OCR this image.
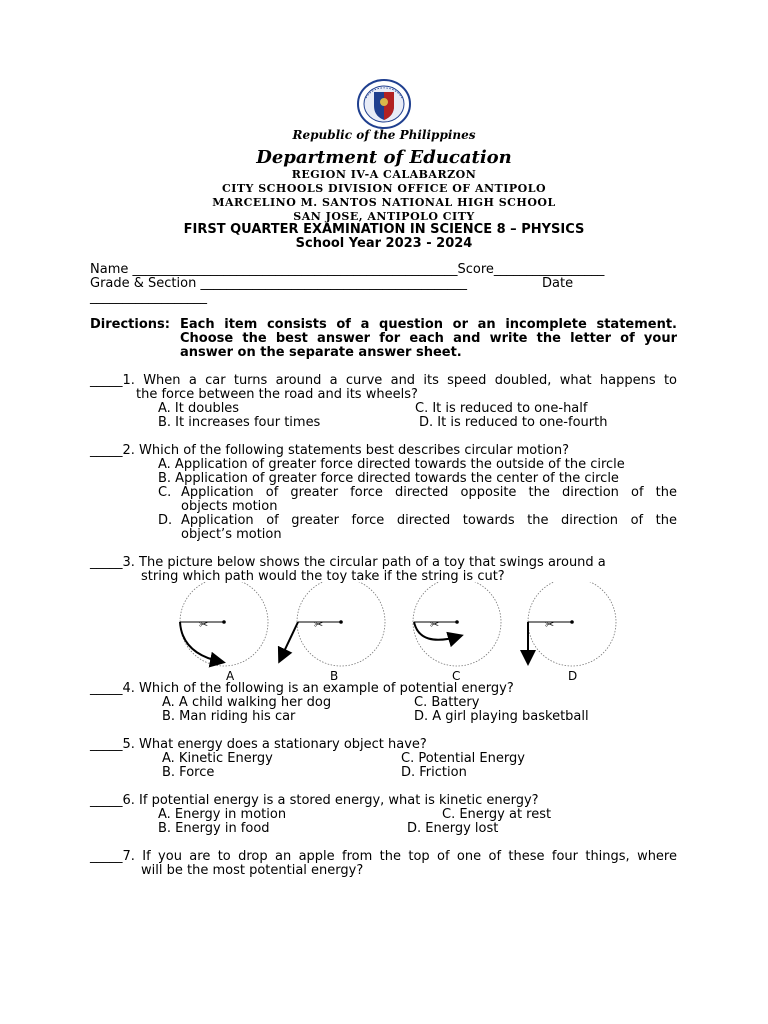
Republic of the Philippines
Department of Education
REGION IV-A CALABARZON
CITY SCHOOLS DIVISION OFFICE OF ANTIPOLO
MARCELINO M. SANTOS NATIONAL HIGH SCHOOL
SAN JOSE, ANTIPOLO CITY
FIRST QUARTER EXAMINATION IN SCIENCE 8 – PHYSICS
School Year 2023 - 2024
Name __________________________________________________Score_________________
Grade & Section _________________________________________	Date
__________________
Directions: Each item consists of a question or an incomplete statement.
Choose the best answer for each and write the letter of your
answer on the separate answer sheet.
_____1. When a car turns around a curve and its speed doubled, what happens to
the force between the road and its wheels?
A. It doubles	C. It is reduced to one-half
B. It increases four times	D. It is reduced to one-fourth
_____2. Which of the following statements best describes circular motion?
A. Application of greater force directed towards the outside of the circle
B. Application of greater force directed towards the center of the circle
C. Application of greater force directed opposite the direction of the
objects motion
D. Application of greater force directed towards the direction of the
object’s motion
_____3. The picture below shows the circular path of a toy that swings around a
string which path would the toy take if the string is cut?
✂	✂	✂	✂
A	B	C	D
_____4. Which of the following is an example of potential energy?
A. A child walking her dog	C. Battery
B. Man riding his car	D. A girl playing basketball
_____5. What energy does a stationary object have?
A. Kinetic Energy	C. Potential Energy
B. Force	D. Friction
_____6. If potential energy is a stored energy, what is kinetic energy?
A. Energy in motion	C. Energy at rest
B. Energy in food	D. Energy lost
_____7. If you are to drop an apple from the top of one of these four things, where
will be the most potential energy?
